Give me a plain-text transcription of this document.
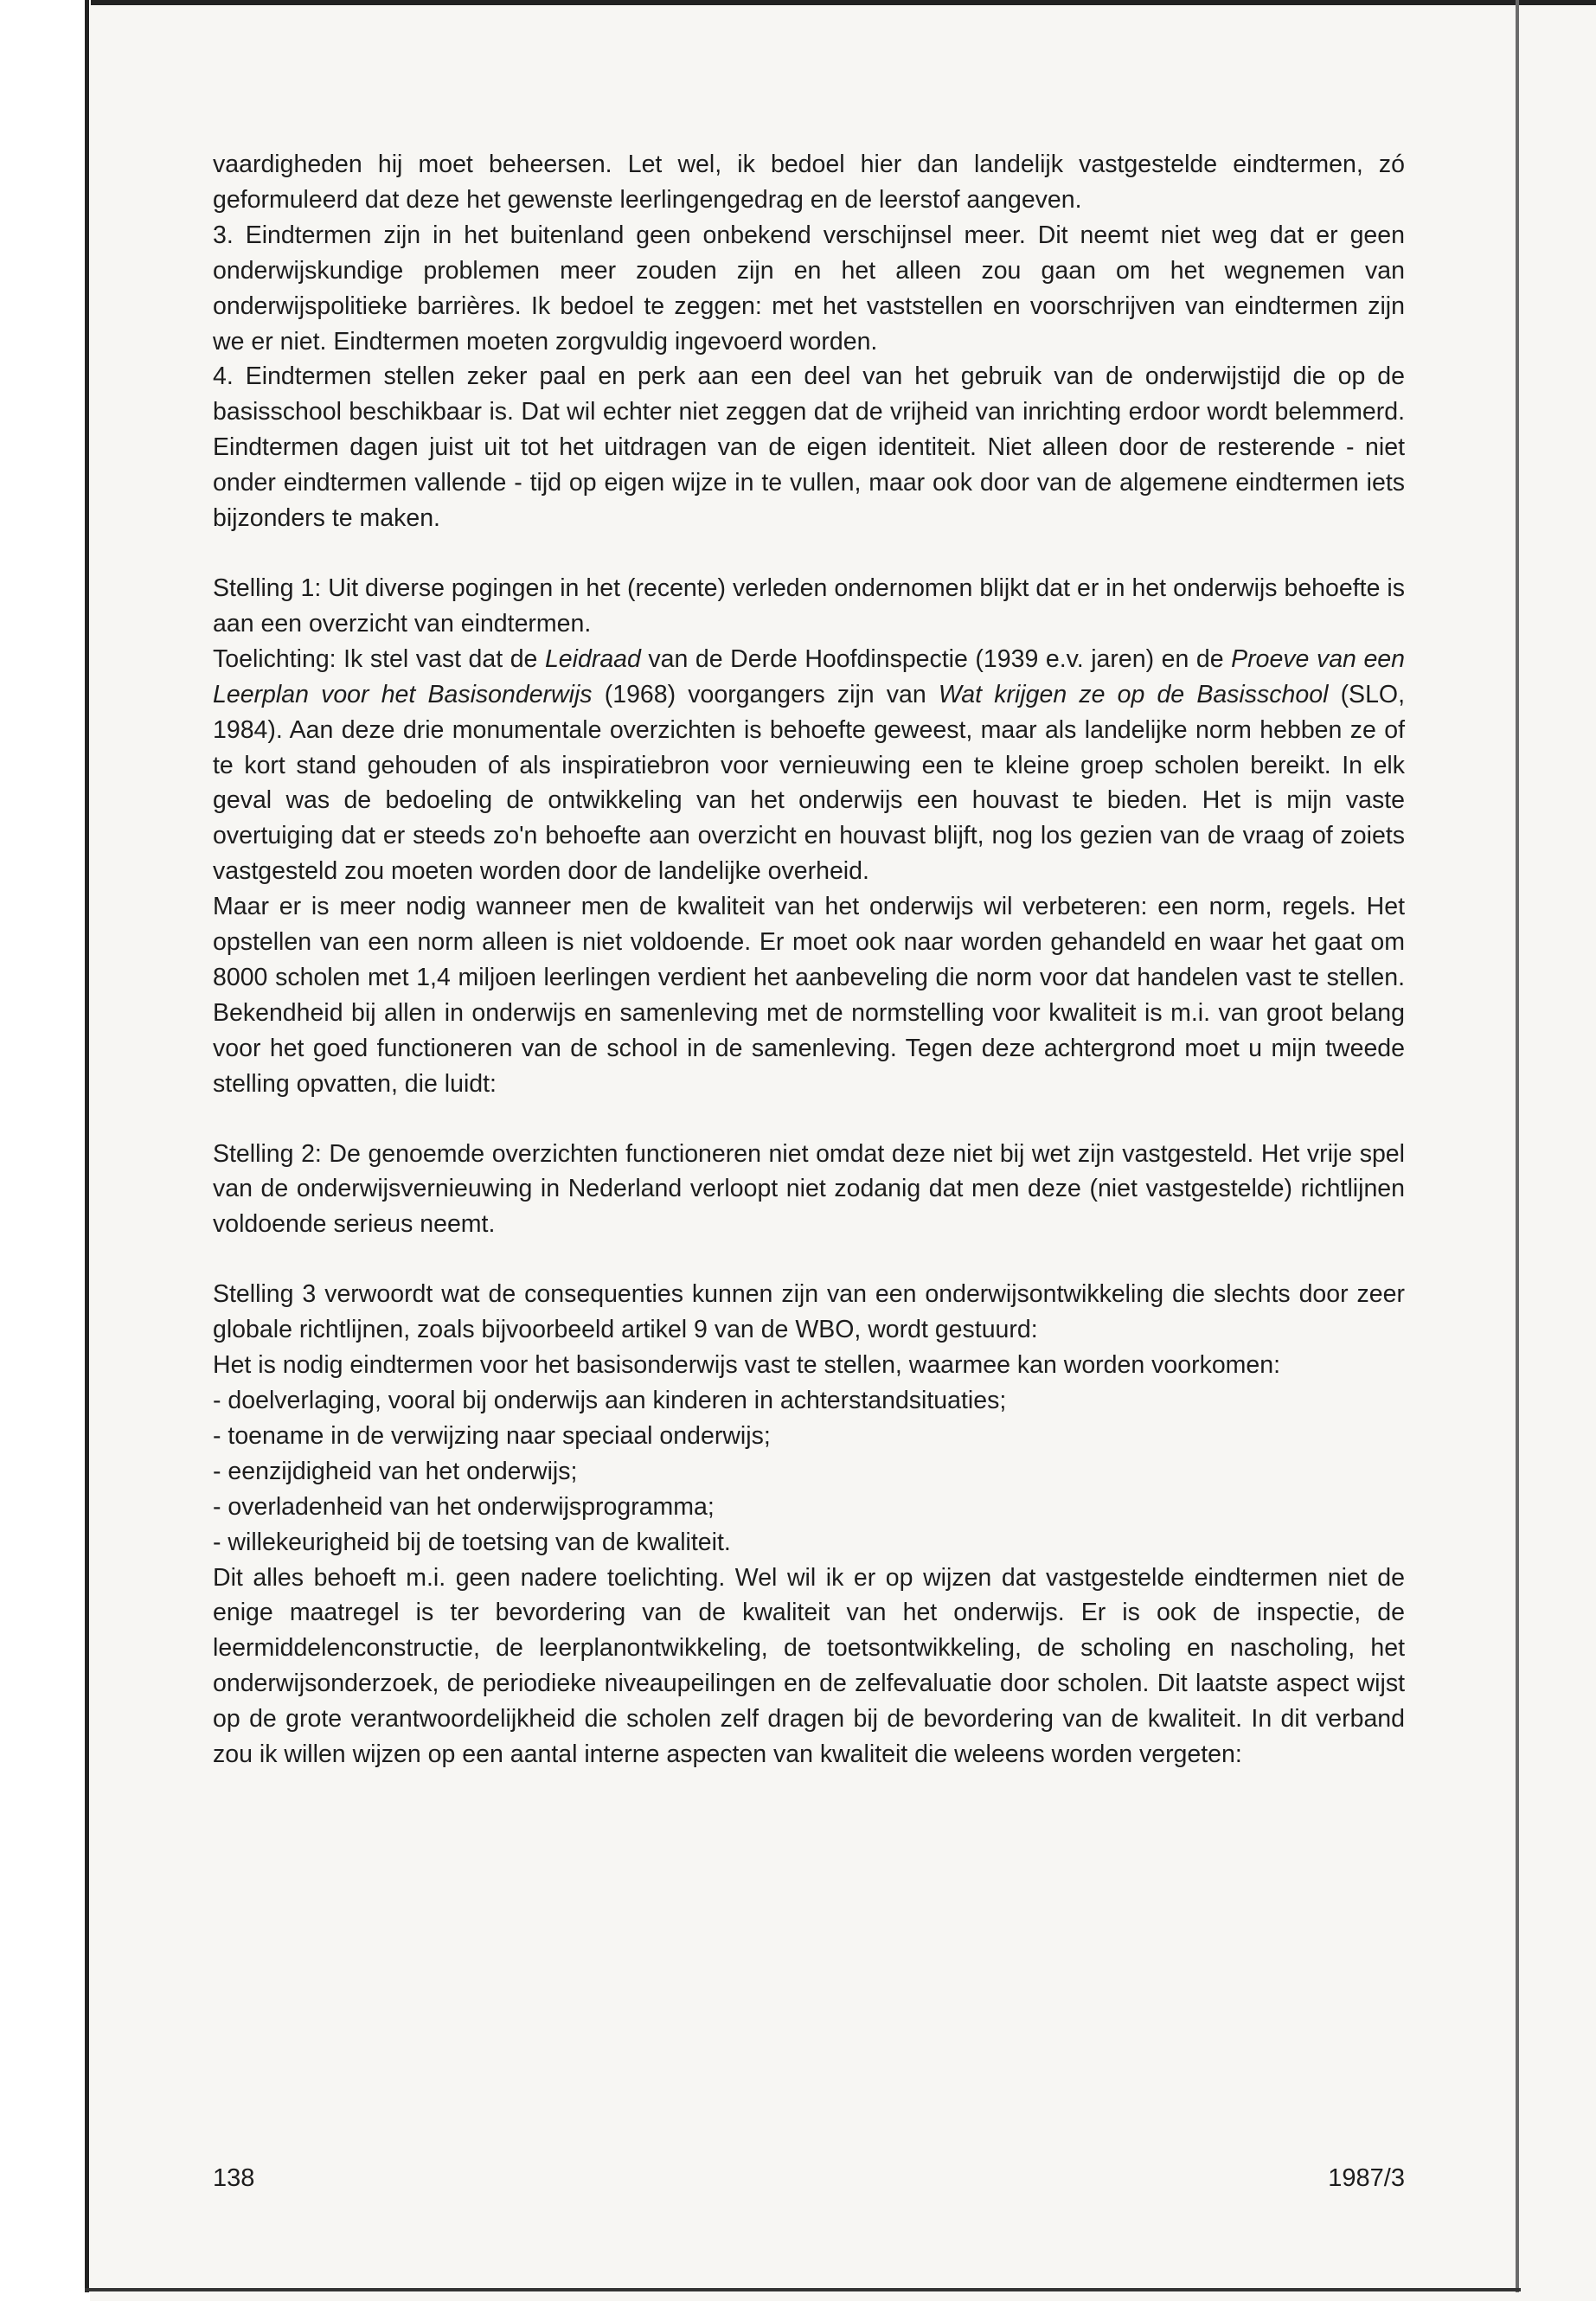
vaardigheden hij moet beheersen. Let wel, ik bedoel hier dan landelijk vastgestelde eindtermen, zó geformuleerd dat deze het gewenste leerlingengedrag en de leerstof aangeven.

3. Eindtermen zijn in het buitenland geen onbekend verschijnsel meer. Dit neemt niet weg dat er geen onderwijskundige problemen meer zouden zijn en het alleen zou gaan om het wegnemen van onderwijspolitieke barrières. Ik bedoel te zeggen: met het vaststellen en voorschrijven van eindtermen zijn we er niet. Eindtermen moeten zorgvuldig ingevoerd worden.

4. Eindtermen stellen zeker paal en perk aan een deel van het gebruik van de onderwijstijd die op de basisschool beschikbaar is. Dat wil echter niet zeggen dat de vrijheid van inrichting erdoor wordt belemmerd. Eindtermen dagen juist uit tot het uitdragen van de eigen identiteit. Niet alleen door de resterende - niet onder eindtermen vallende - tijd op eigen wijze in te vullen, maar ook door van de algemene eindtermen iets bijzonders te maken.

Stelling 1: Uit diverse pogingen in het (recente) verleden ondernomen blijkt dat er in het onderwijs behoefte is aan een overzicht van eindtermen.

Toelichting: Ik stel vast dat de Leidraad van de Derde Hoofdinspectie (1939 e.v. jaren) en de Proeve van een Leerplan voor het Basisonderwijs (1968) voorgangers zijn van Wat krijgen ze op de Basisschool (SLO, 1984). Aan deze drie monumentale overzichten is behoefte geweest, maar als landelijke norm hebben ze of te kort stand gehouden of als inspiratiebron voor vernieuwing een te kleine groep scholen bereikt. In elk geval was de bedoeling de ontwikkeling van het onderwijs een houvast te bieden. Het is mijn vaste overtuiging dat er steeds zo'n behoefte aan overzicht en houvast blijft, nog los gezien van de vraag of zoiets vastgesteld zou moeten worden door de landelijke overheid.

Maar er is meer nodig wanneer men de kwaliteit van het onderwijs wil verbeteren: een norm, regels. Het opstellen van een norm alleen is niet voldoende. Er moet ook naar worden gehandeld en waar het gaat om 8000 scholen met 1,4 miljoen leerlingen verdient het aanbeveling die norm voor dat handelen vast te stellen. Bekendheid bij allen in onderwijs en samenleving met de normstelling voor kwaliteit is m.i. van groot belang voor het goed functioneren van de school in de samenleving. Tegen deze achtergrond moet u mijn tweede stelling opvatten, die luidt:

Stelling 2: De genoemde overzichten functioneren niet omdat deze niet bij wet zijn vastgesteld. Het vrije spel van de onderwijsvernieuwing in Nederland verloopt niet zodanig dat men deze (niet vastgestelde) richtlijnen voldoende serieus neemt.

Stelling 3 verwoordt wat de consequenties kunnen zijn van een onderwijsontwikkeling die slechts door zeer globale richtlijnen, zoals bijvoorbeeld artikel 9 van de WBO, wordt gestuurd:

Het is nodig eindtermen voor het basisonderwijs vast te stellen, waarmee kan worden voorkomen:

- doelverlaging, vooral bij onderwijs aan kinderen in achterstandsituaties;
- toename in de verwijzing naar speciaal onderwijs;
- eenzijdigheid van het onderwijs;
- overladenheid van het onderwijsprogramma;
- willekeurigheid bij de toetsing van de kwaliteit.

Dit alles behoeft m.i. geen nadere toelichting. Wel wil ik er op wijzen dat vastgestelde eindtermen niet de enige maatregel is ter bevordering van de kwaliteit van het onderwijs. Er is ook de inspectie, de leermiddelenconstructie, de leerplanontwikkeling, de toetsontwikkeling, de scholing en nascholing, het onderwijsonderzoek, de periodieke niveaupeilingen en de zelfevaluatie door scholen. Dit laatste aspect wijst op de grote verantwoordelijkheid die scholen zelf dragen bij de bevordering van de kwaliteit. In dit verband zou ik willen wijzen op een aantal interne aspecten van kwaliteit die weleens worden vergeten:

138	1987/3
